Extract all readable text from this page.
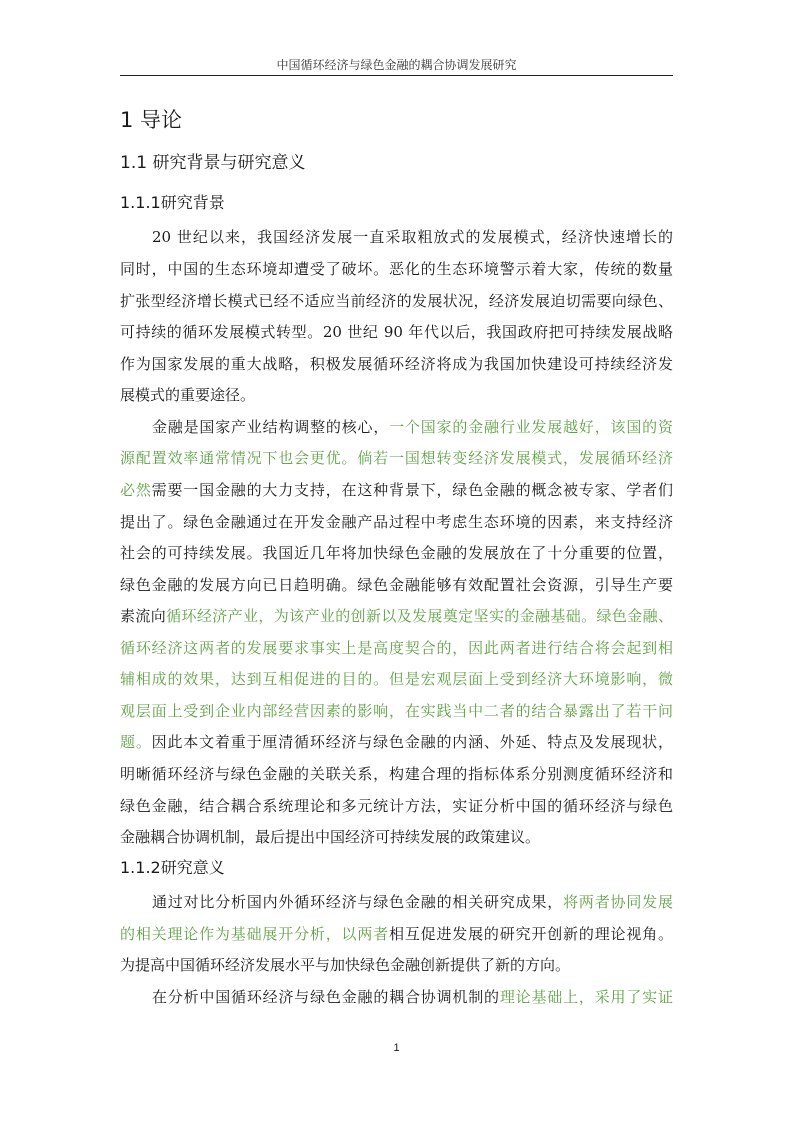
中国循环经济与绿色金融的耦合协调发展研究
1 导论
1.1 研究背景与研究意义
1.1.1研究背景
20 世纪以来，我国经济发展一直采取粗放式的发展模式，经济快速增长的
同时，中国的生态环境却遭受了破坏。恶化的生态环境警示着大家，传统的数量
扩张型经济增长模式已经不适应当前经济的发展状况，经济发展迫切需要向绿色、
可持续的循环发展模式转型。20 世纪 90 年代以后，我国政府把可持续发展战略
作为国家发展的重大战略，积极发展循环经济将成为我国加快建设可持续经济发
展模式的重要途径。
金融是国家产业结构调整的核心，一个国家的金融行业发展越好，该国的资
源配置效率通常情况下也会更优。倘若一国想转变经济发展模式，发展循环经济
必然需要一国金融的大力支持，在这种背景下，绿色金融的概念被专家、学者们
提出了。绿色金融通过在开发金融产品过程中考虑生态环境的因素，来支持经济
社会的可持续发展。我国近几年将加快绿色金融的发展放在了十分重要的位置，
绿色金融的发展方向已日趋明确。绿色金融能够有效配置社会资源，引导生产要
素流向循环经济产业，为该产业的创新以及发展奠定坚实的金融基础。绿色金融、
循环经济这两者的发展要求事实上是高度契合的，因此两者进行结合将会起到相
辅相成的效果，达到互相促进的目的。但是宏观层面上受到经济大环境影响，微
观层面上受到企业内部经营因素的影响，在实践当中二者的结合暴露出了若干问
题。因此本文着重于厘清循环经济与绿色金融的内涵、外延、特点及发展现状，
明晰循环经济与绿色金融的关联关系，构建合理的指标体系分别测度循环经济和
绿色金融，结合耦合系统理论和多元统计方法，实证分析中国的循环经济与绿色
金融耦合协调机制，最后提出中国经济可持续发展的政策建议。
1.1.2研究意义
通过对比分析国内外循环经济与绿色金融的相关研究成果，将两者协同发展
的相关理论作为基础展开分析，以两者相互促进发展的研究开创新的理论视角。
为提高中国循环经济发展水平与加快绿色金融创新提供了新的方向。
在分析中国循环经济与绿色金融的耦合协调机制的理论基础上，采用了实证
1
